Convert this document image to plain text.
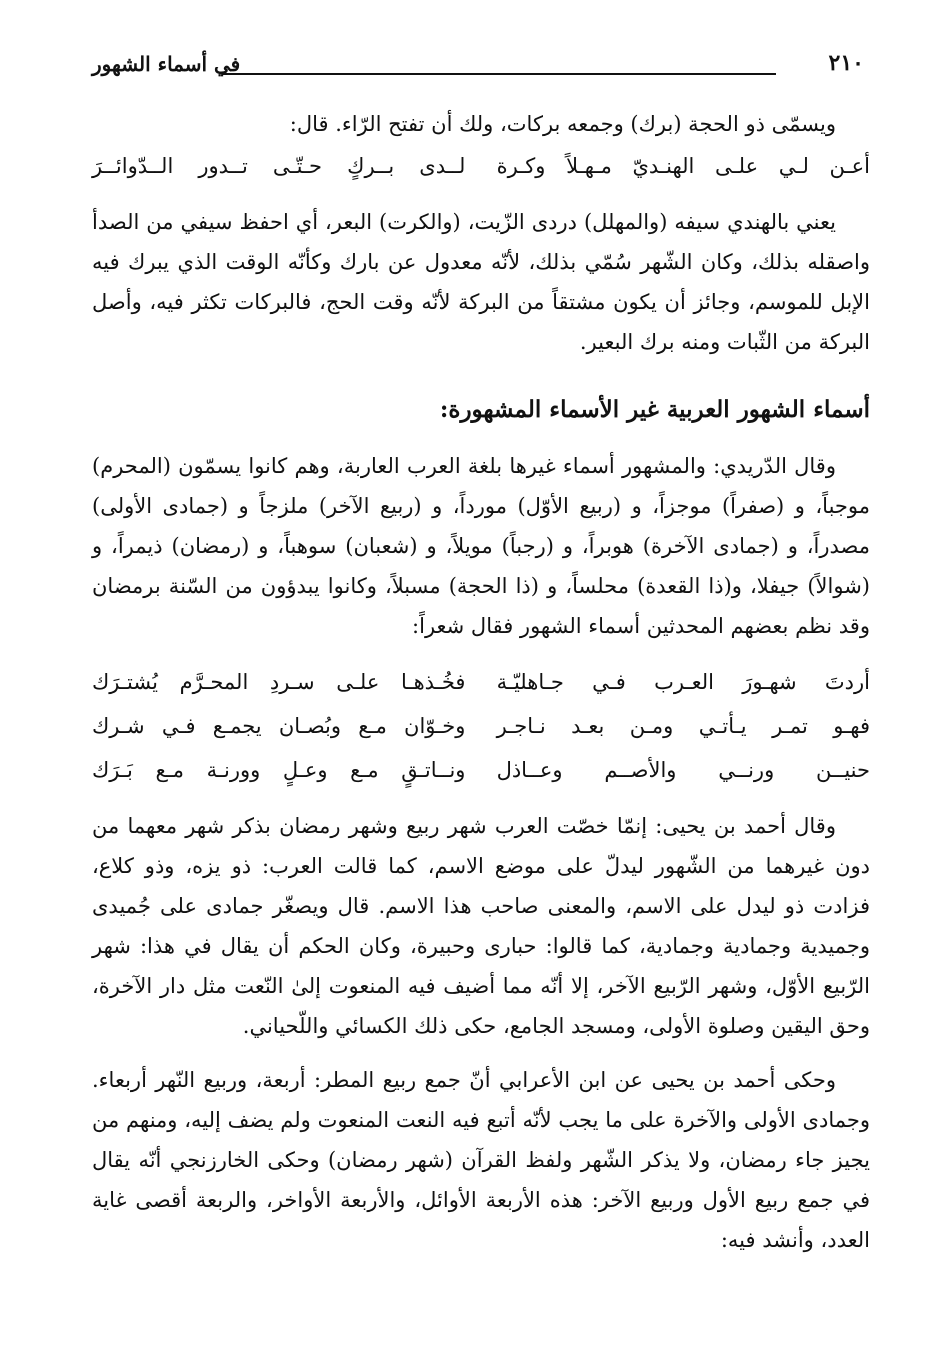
٢١٠
في أسماء الشهور

ويسمّى ذو الحجة (برك) وجمعه بركات، ولك أن تفتح الرّاء. قال:

أعـن لـي علـى الهنـديّ مـهـلاً وكـرة
لــدى بــركٍ حـتّـى تــدور الــدّوائــرَ

يعني بالهندي سيفه (والمهلل) دردى الزّيت، (والكرت) البعر، أي احفظ سيفي من الصدأ واصقله بذلك، وكان الشّهر سُمّي بذلك، لأنّه معدول عن بارك وكأنّه الوقت الذي يبرك فيه الإبل للموسم، وجائز أن يكون مشتقاً من البركة لأنّه وقت الحج، فالبركات تكثر فيه، وأصل البركة من الثّبات ومنه برك البعير.

أسماء الشهور العربية غير الأسماء المشهورة:

وقال الدّريدي: والمشهور أسماء غيرها بلغة العرب العاربة، وهم كانوا يسمّون (المحرم) موجباً، و (صفراً) موجزاً، و (ربيع الأوّل) مورداً، و (ربيع الآخر) ملزجاً و (جمادى الأولى) مصدراً، و (جمادى الآخرة) هوبراً، و (رجباً) مويلاً، و (شعبان) سوهباً، و (رمضان) ذيمراً، و (شوالاً) جيفلا، و(ذا القعدة) محلساً، و (ذا الحجة) مسبلاً، وكانوا يبدؤون من السّنة برمضان وقد نظم بعضهم المحدثين أسماء الشهور فقال شعراً:

أردتَ شهـورَ العـرب فـي جـاهليّـة
فخُـذهـا علـى سـردِ المحـرَّم يُشتـرَك
فهـو تمـر يـأتـي ومـن بعـد نـاجـر
وخـوّان مـع وبُصـان يجمـع فـي شـرك
حنيــن ورنــي والأصــم وعــاذل
ونــاتـقٍ مـع وعـلٍ وورنـة مـع بَـرَك

وقال أحمد بن يحيى: إنمّا خصّت العرب شهر ربيع وشهر رمضان بذكر شهر معهما من دون غيرهما من الشّهور ليدلّ على موضع الاسم، كما قالت العرب: ذو يزه، وذو كلاع، فزادت ذو ليدل على الاسم، والمعنى صاحب هذا الاسم. قال ويصغّر جمادى على جُميدى وجميدية وجمادية وجمادية، كما قالوا: حبارى وحبيرة، وكان الحكم أن يقال في هذا: شهر الرّبيع الأوّل، وشهر الرّبيع الآخر، إلا أنّه مما أضيف فيه المنعوت إلىٰ النّعت مثل دار الآخرة، وحق اليقين وصلوة الأولى، ومسجد الجامع، حكى ذلك الكسائي واللّحياني.

وحكى أحمد بن يحيى عن ابن الأعرابي أنّ جمع ربيع المطر: أربعة، وربيع النّهر أربعاء. وجمادى الأولى والآخرة على ما يجب لأنّه أتبع فيه النعت المنعوت ولم يضف إليه، ومنهم من يجيز جاء رمضان، ولا يذكر الشّهر ولفظ القرآن (شهر رمضان) وحكى الخارزنجي أنّه يقال في جمع ربيع الأول وربيع الآخر: هذه الأربعة الأوائل، والأربعة الأواخر، والربعة أقصى غاية العدد، وأنشد فيه:
